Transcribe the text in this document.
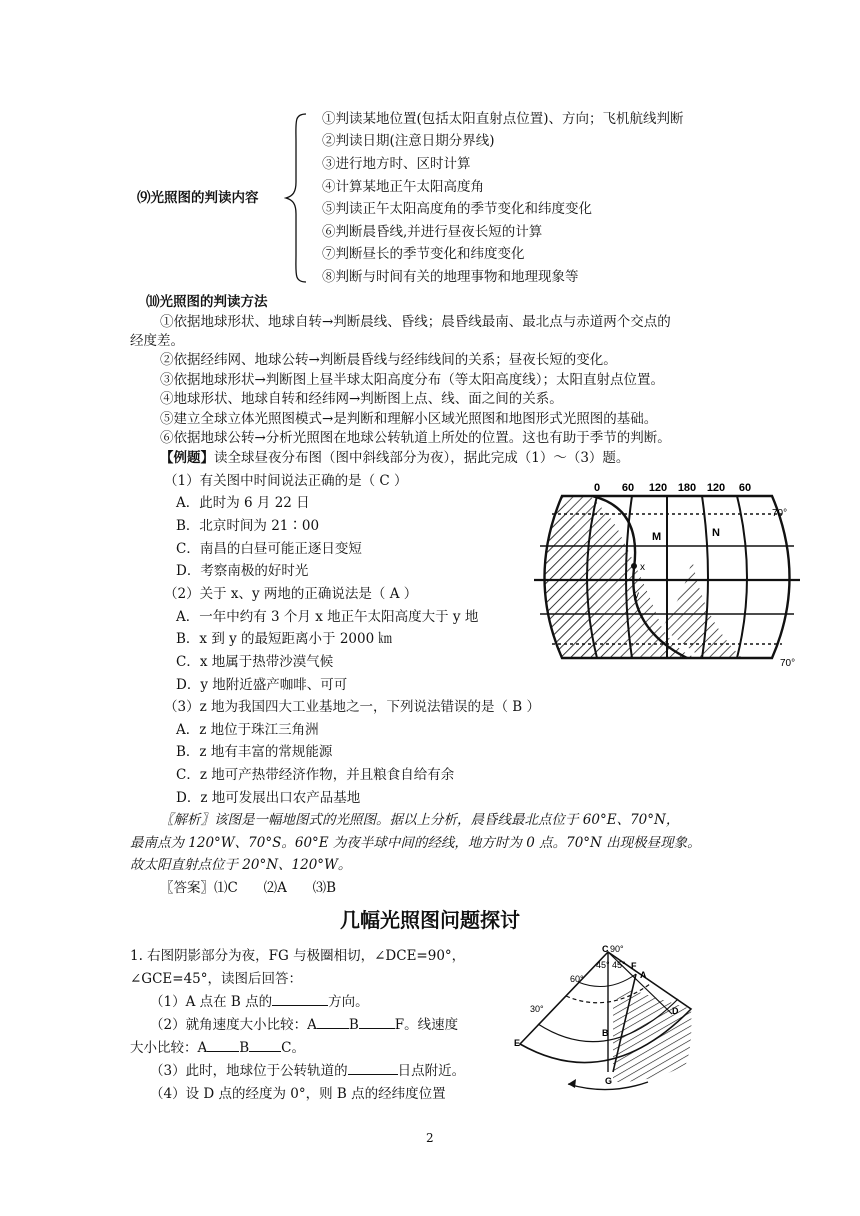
⑼光照图的判读内容
①判读某地位置(包括太阳直射点位置)、方向；飞机航线判断
②判读日期(注意日期分界线)
③进行地方时、区时计算
④计算某地正午太阳高度角
⑤判读正午太阳高度角的季节变化和纬度变化
⑥判断晨昏线,并进行昼夜长短的计算
⑦判断昼长的季节变化和纬度变化
⑧判断与时间有关的地理事物和地理现象等
⑽光照图的判读方法
①依据地球形状、地球自转→判断晨线、昏线；晨昏线最南、最北点与赤道两个交点的
经度差。
②依据经纬网、地球公转→判断晨昏线与经纬线间的关系；昼夜长短的变化。
③依据地球形状→判断图上昼半球太阳高度分布（等太阳高度线）；太阳直射点位置。
④地球形状、地球自转和经纬网→判断图上点、线、面之间的关系。
⑤建立全球立体光照图模式→是判断和理解小区域光照图和地图形式光照图的基础。
⑥依据地球公转→分析光照图在地球公转轨道上所处的位置。这也有助于季节的判断。
【例题】读全球昼夜分布图（图中斜线部分为夜），据此完成（1）～（3）题。
（1）有关图中时间说法正确的是（ C ）
A．此时为 6 月 22 日
B．北京时间为 21∶00
C．南昌的白昼可能正逐日变短
D．考察南极的好时光
（2）关于 x、y 两地的正确说法是（ A ）
A．一年中约有 3 个月 x 地正午太阳高度大于 y 地
B．x 到 y 的最短距离小于 2000 ㎞
C．x 地属于热带沙漠气候
D．y 地附近盛产咖啡、可可
（3）z 地为我国四大工业基地之一，下列说法错误的是（ B ）
A．z 地位于珠江三角洲
B．z 地有丰富的常规能源
C．z 地可产热带经济作物，并且粮食自给有余
D．z 地可发展出口农产品基地
〖解析〗该图是一幅地图式的光照图。据以上分析，晨昏线最北点位于 60°E、70°N，
最南点为 120°W、70°S。60°E 为夜半球中间的经线，地方时为 0 点。70°N 出现极昼现象。
故太阳直射点位于 20°N、120°W。
〖答案〗⑴C      ⑵A      ⑶B
0 60 120 180 120 60
70°
70°
M	N
x
y
几幅光照图问题探讨
1. 右图阴影部分为夜，FG 与极圈相切，∠DCE=90°，
∠GCE=45°，读图后回答：
（1）A 点在 B 点的	方向。
（2）就角速度大小比较：A B	F。线速度
大小比较：A B C。
（3）此时，地球位于公转轨道的	日点附近。
（4）设 D 点的经度为 0°，则 B 点的经纬度位置
C 90°
45° 45° F
A
60°
30°	D
B
E
G
2
